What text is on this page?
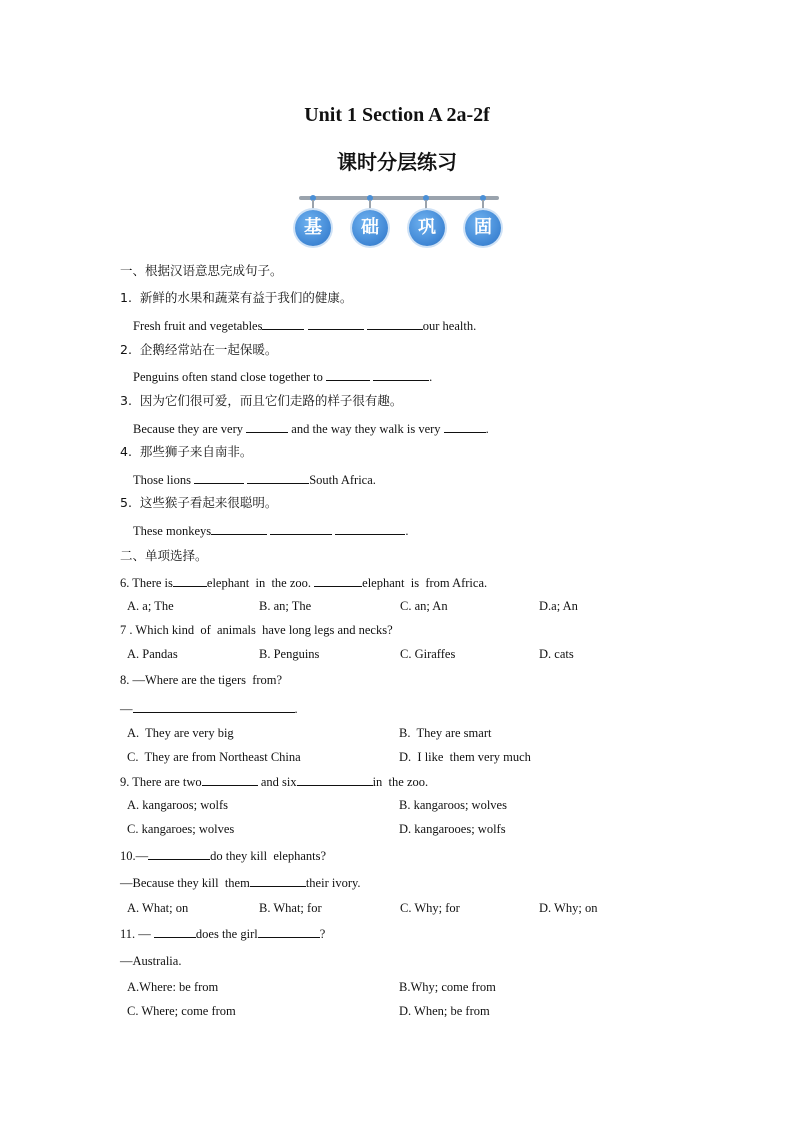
Unit 1 Section A 2a-2f
课时分层练习
基	础	巩	固
一、根据汉语意思完成句子。
1.  新鲜的水果和蔬菜有益于我们的健康。
Fresh fruit and vegetables	our health.
2.  企鹅经常站在一起保暖。
Penguins often stand close together to	.
3.  因为它们很可爱，而且它们走路的样子很有趣。
Because they are very	and the way they walk is very	.
4.  那些狮子来自南非。
Those lions	South Africa.
5.  这些猴子看起来很聪明。
These monkeys	.
二、单项选择。
6. There is	elephant  in  the zoo.	elephant  is  from Africa.
A. a; The	B. an; The	C. an; An	D.a; An
7 . Which kind  of  animals  have long legs and necks?
A. Pandas	B. Penguins	C. Giraffes	D. cats
8. —Where are the tigers  from?
—	.
A.  They are very big	B.  They are smart
C.  They are from Northeast China	D.  I like  them very much
9. There are two	and six	in  the zoo.
A. kangaroos; wolfs	B. kangaroos; wolves
C. kangaroes; wolves	D. kangarooes; wolfs
10.—	do they kill  elephants?
—Because they kill  them	their ivory.
A. What; on	B. What; for	C. Why; for	D. Why; on
11. —	does the girl	?
—Australia.
A.Where: be from	B.Why; come from
C. Where; come from	D. When; be from
